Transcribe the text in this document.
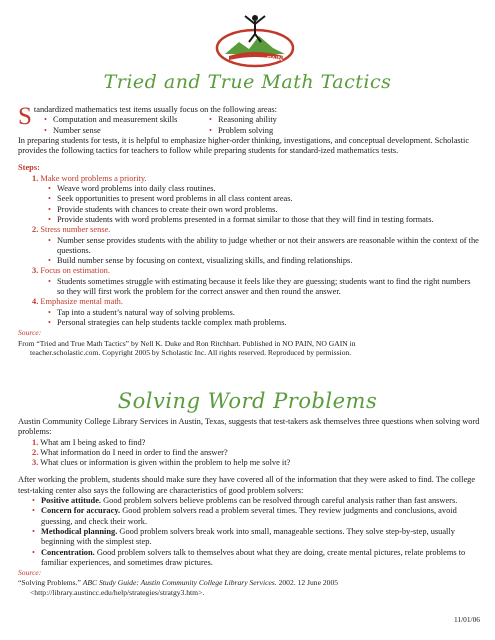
PAIN
Tried and True Math Tactics

S tandardized mathematics test items usually focus on the following areas:

• Computation and measurement skills
• Number sense
• Reasoning ability
• Problem solving

In preparing students for tests, it is helpful to emphasize higher-order thinking, investigations, and conceptual development. Scholastic provides the following tactics for teachers to follow while preparing students for standard-ized mathematics tests.

Steps:

1. Make word problems a priority.
• Weave word problems into daily class routines.
• Seek opportunities to present word problems in all class content areas.
• Provide students with chances to create their own word problems.
• Provide students with word problems presented in a format similar to those that they will find in testing formats.
2. Stress number sense.
• Number sense provides students with the ability to judge whether or not their answers are reasonable within the context of the questions.
• Build number sense by focusing on context, visualizing skills, and finding relationships.
3. Focus on estimation.
• Students sometimes struggle with estimating because it feels like they are guessing; students want to find the right numbers so they will first work the problem for the correct answer and then round the answer.
4. Emphasize mental math.
• Tap into a student’s natural way of solving problems.
• Personal strategies can help students tackle complex math problems.

Source:

From “Tried and True Math Tactics” by Nell K. Duke and Ron Ritchhart. Published in NO PAIN, NO GAIN in
teacher.scholastic.com. Copyright 2005 by Scholastic Inc. All rights reserved. Reproduced by permission.

Solving Word Problems

Austin Community College Library Services in Austin, Texas, suggests that test-takers ask themselves three questions when solving word problems:

1. What am I being asked to find?
2. What information do I need in order to find the answer?
3. What clues or information is given within the problem to help me solve it?

After working the problem, students should make sure they have covered all of the information that they were asked to find. The college test-taking center also says the following are characteristics of good problem solvers:

• Positive attitude. Good problem solvers believe problems can be resolved through careful analysis rather than fast answers.
• Concern for accuracy. Good problem solvers read a problem several times. They review judgments and conclusions, avoid guessing, and check their work.
• Methodical planning. Good problem solvers break work into small, manageable sections. They solve step-by-step, usually beginning with the simplest step.
• Concentration. Good problem solvers talk to themselves about what they are doing, create mental pictures, relate problems to familiar experiences, and sometimes draw pictures.

Source:

“Solving Problems.” ABC Study Guide: Austin Community College Library Services. 2002. 12 June 2005
<http://library.austincc.edu/help/strategies/stratgy3.htm>.

11/01/06
